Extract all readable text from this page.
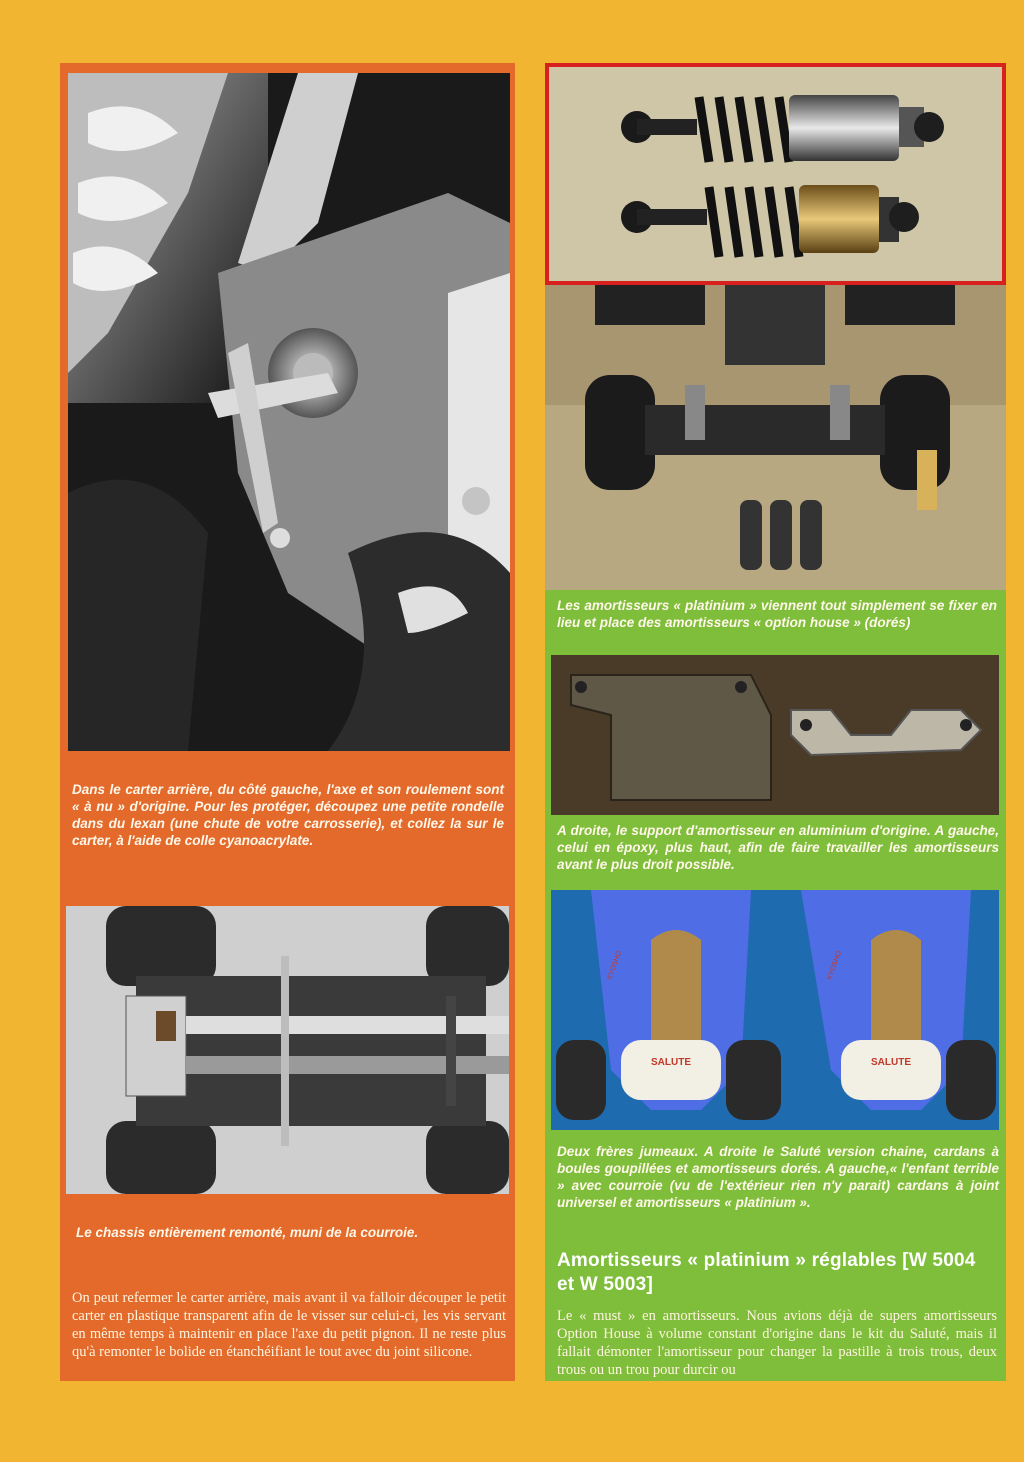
Dans le carter arrière, du côté gauche, l'axe et son roulement sont « à nu » d'origine. Pour les protéger, découpez une petite rondelle dans du lexan (une chute de votre carrosserie), et collez la sur le carter, à l'aide de colle cyanoacrylate.
Le chassis entièrement remonté, muni de la courroie.
On peut refermer le carter arrière, mais avant il va falloir découper le petit carter en plastique transparent afin de le visser sur celui-ci, les vis servant en même temps à maintenir en place l'axe du petit pignon. Il ne reste plus qu'à remonter le bolide en étanchéifiant le tout avec du joint silicone.
Les amortisseurs « platinium » viennent tout simplement se fixer en lieu et place des amortisseurs « option house » (dorés)
A droite, le support d'amortisseur en aluminium d'origine. A gauche, celui en époxy, plus haut, afin de faire travailler les amortisseurs avant le plus droit possible.
SALUTE	SALUTE
KYOSHO	KYOSHO
Deux frères jumeaux. A droite le Saluté version chaine, cardans à boules goupillées et amortisseurs dorés. A gauche,« l'enfant terrible » avec courroie (vu de l'extérieur rien n'y parait) cardans à joint universel et amortisseurs « platinium ».
Amortisseurs « platinium » réglables [W 5004 et W 5003]
Le « must » en amortisseurs. Nous avions déjà de supers amortisseurs Option House à volume constant d'origine dans le kit du Saluté, mais il fallait démonter l'amortisseur pour changer la pastille à trois trous, deux trous ou un trou pour durcir ou
